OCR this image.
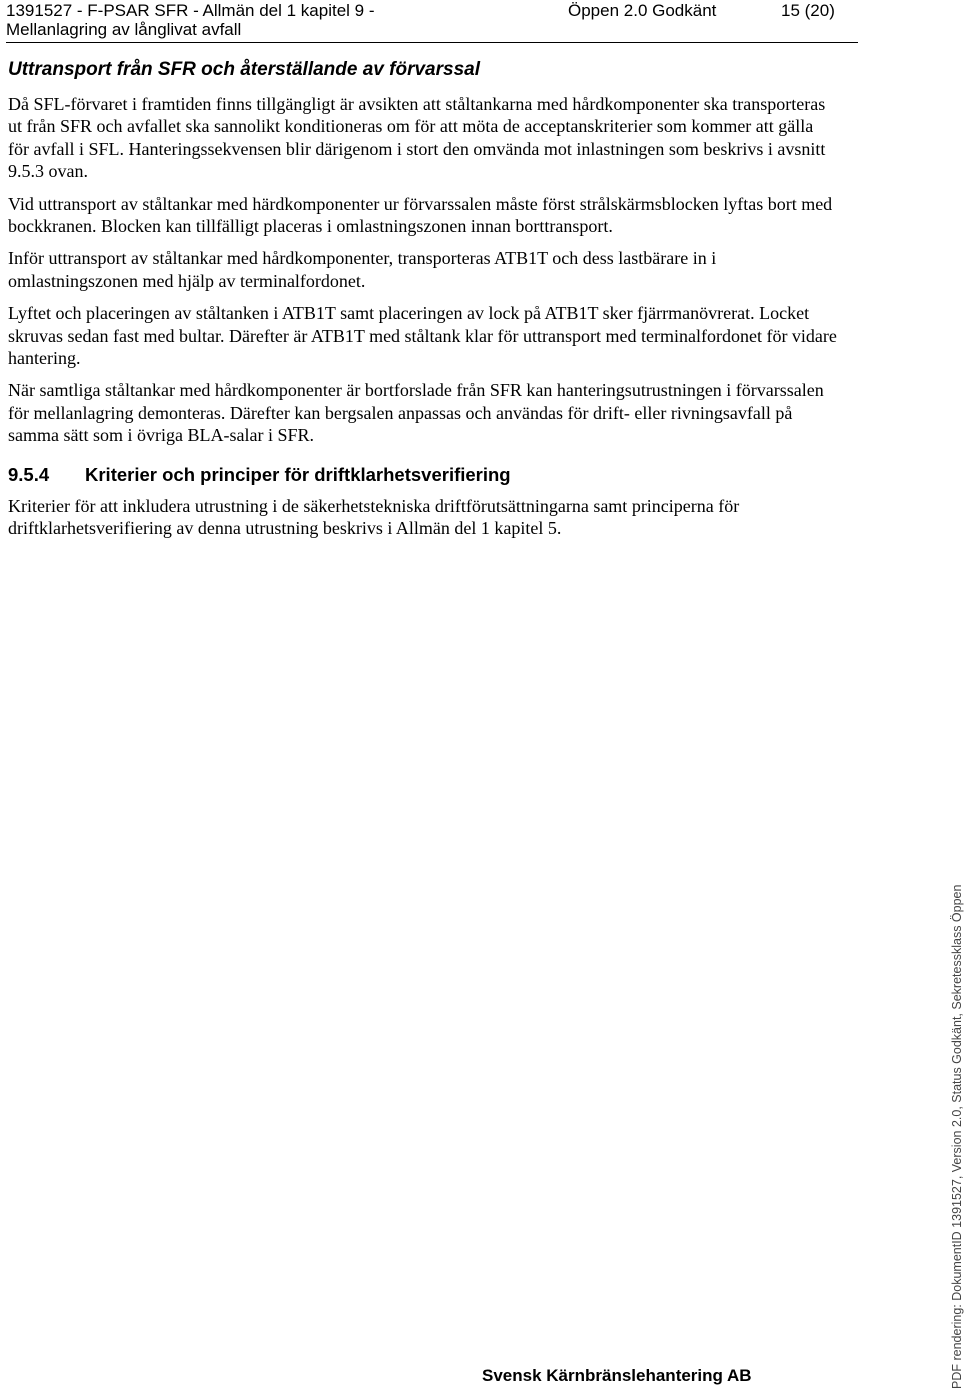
1391527 - F-PSAR SFR - Allmän del 1 kapitel 9 -
Mellanlagring av långlivat avfall
Öppen 2.0 Godkänt	15 (20)
Uttransport från SFR och återställande av förvarssal

Då SFL-förvaret i framtiden finns tillgängligt är avsikten att ståltankarna med hårdkomponenter ska transporteras ut från SFR och avfallet ska sannolikt konditioneras om för att möta de acceptanskriterier som kommer att gälla för avfall i SFL. Hanteringssekvensen blir därigenom i stort den omvända mot inlastningen som beskrivs i avsnitt 9.5.3 ovan.

Vid uttransport av ståltankar med härdkomponenter ur förvarssalen måste först strålskärmsblocken lyftas bort med bockkranen. Blocken kan tillfälligt placeras i omlastningszonen innan borttransport.

Inför uttransport av ståltankar med hårdkomponenter, transporteras ATB1T och dess lastbärare in i omlastningszonen med hjälp av terminalfordonet.

Lyftet och placeringen av ståltanken i ATB1T samt placeringen av lock på ATB1T sker fjärrmanövrerat. Locket skruvas sedan fast med bultar. Därefter är ATB1T med ståltank klar för uttransport med terminalfordonet för vidare hantering.

När samtliga ståltankar med hårdkomponenter är bortforslade från SFR kan hanteringsutrustningen i förvarssalen för mellanlagring demonteras. Därefter kan bergsalen anpassas och användas för drift- eller rivningsavfall på samma sätt som i övriga BLA-salar i SFR.

9.5.4 Kriterier och principer för driftklarhetsverifiering

Kriterier för att inkludera utrustning i de säkerhetstekniska driftförutsättningarna samt principerna för driftklarhetsverifiering av denna utrustning beskrivs i Allmän del 1 kapitel 5.

Svensk Kärnbränslehantering AB	PDF rendering: DokumentID 1391527, Version 2.0, Status Godkänt, Sekretessklass Öppen
